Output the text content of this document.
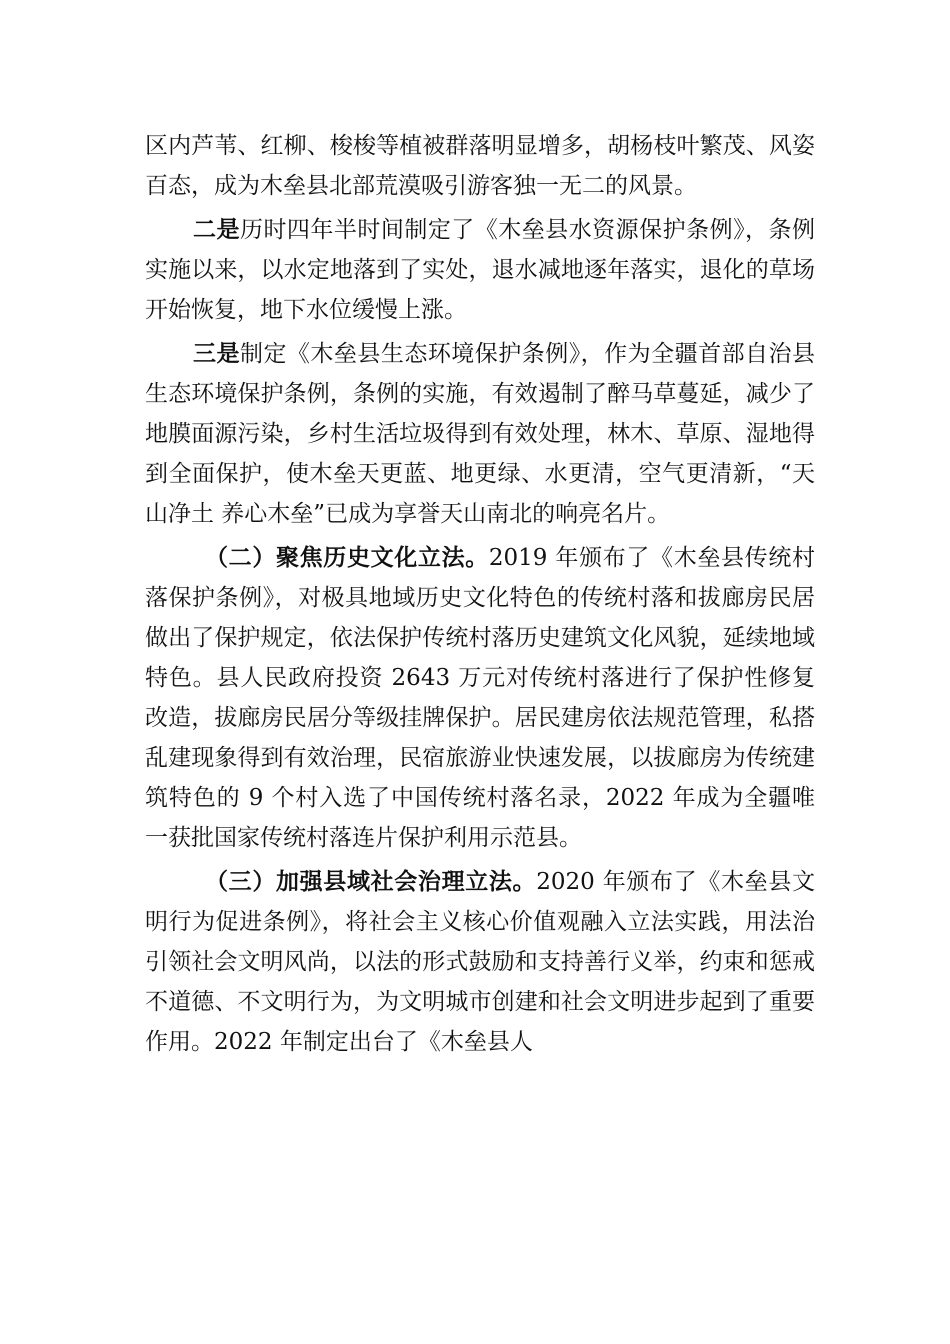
区内芦苇、红柳、梭梭等植被群落明显增多，胡杨枝叶繁茂、风姿百态，成为木垒县北部荒漠吸引游客独一无二的风景。

二是历时四年半时间制定了《木垒县水资源保护条例》，条例实施以来，以水定地落到了实处，退水减地逐年落实，退化的草场开始恢复，地下水位缓慢上涨。

三是制定《木垒县生态环境保护条例》，作为全疆首部自治县生态环境保护条例，条例的实施，有效遏制了醉马草蔓延，减少了地膜面源污染，乡村生活垃圾得到有效处理，林木、草原、湿地得到全面保护，使木垒天更蓝、地更绿、水更清，空气更清新，“天山净土 养心木垒”已成为享誉天山南北的响亮名片。

（二）聚焦历史文化立法。2019 年颁布了《木垒县传统村落保护条例》，对极具地域历史文化特色的传统村落和拔廊房民居做出了保护规定，依法保护传统村落历史建筑文化风貌，延续地域特色。县人民政府投资 2643 万元对传统村落进行了保护性修复改造，拔廊房民居分等级挂牌保护。居民建房依法规范管理，私搭乱建现象得到有效治理，民宿旅游业快速发展，以拔廊房为传统建筑特色的 9 个村入选了中国传统村落名录，2022 年成为全疆唯一获批国家传统村落连片保护利用示范县。

（三）加强县域社会治理立法。2020 年颁布了《木垒县文明行为促进条例》，将社会主义核心价值观融入立法实践，用法治引领社会文明风尚，以法的形式鼓励和支持善行义举，约束和惩戒不道德、不文明行为，为文明城市创建和社会文明进步起到了重要作用。2022 年制定出台了《木垒县人
